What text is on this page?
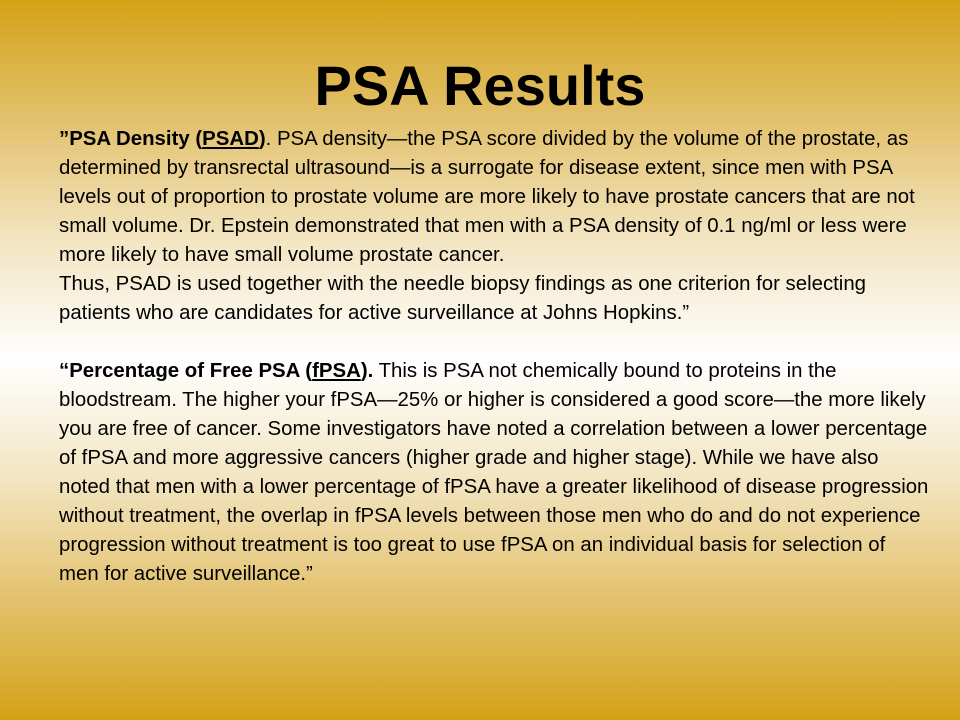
PSA Results

”PSA Density (PSAD). PSA density—the PSA score divided by the volume of the prostate, as determined by transrectal ultrasound—is a surrogate for disease extent, since men with PSA levels out of proportion to prostate volume are more likely to have prostate cancers that are not small volume. Dr. Epstein demonstrated that men with a PSA density of 0.1 ng/ml or less were more likely to have small volume prostate cancer.

Thus, PSAD is used together with the needle biopsy findings as one criterion for selecting patients who are candidates for active surveillance at Johns Hopkins.”

“Percentage of Free PSA (fPSA). This is PSA not chemically bound to proteins in the bloodstream. The higher your fPSA—25% or higher is considered a good score—the more likely you are free of cancer. Some investigators have noted a correlation between a lower percentage of fPSA and more aggressive cancers (higher grade and higher stage). While we have also noted that men with a lower percentage of fPSA have a greater likelihood of disease progression without treatment, the overlap in fPSA levels between those men who do and do not experience progression without treatment is too great to use fPSA on an individual basis for selection of men for active surveillance.”
